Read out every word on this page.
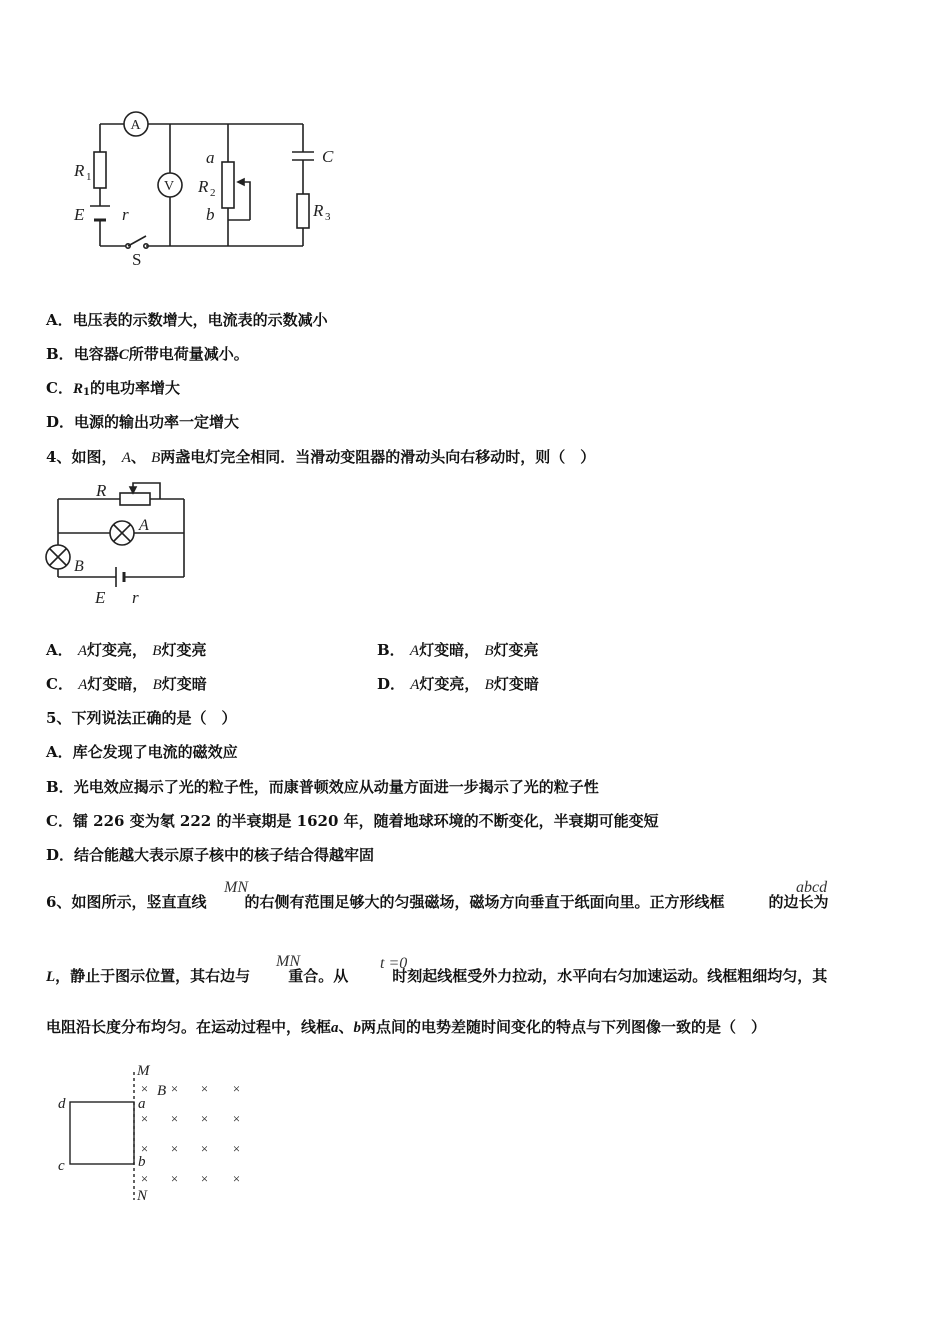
A
V
R 1
E r
S
a
R 2
b
C
R 3
A．电压表的示数增大，电流表的示数减小
B．电容器C所带电荷量减小。
C．$R_1$的电功率增大
D．电源的输出功率一定增大
4、如图， A、 B两盏电灯完全相同．当滑动变阻器的滑动头向右移动时，则（　）
R
A
B
E r
A． A灯变亮， B灯变亮	B． A灯变暗， B灯变亮
C． A灯变暗， B灯变暗	D． A灯变亮， B灯变暗
5、下列说法正确的是（　）
A．库仑发现了电流的磁效应
B．光电效应揭示了光的粒子性，而康普顿效应从动量方面进一步揭示了光的粒子性
C．镭 226 变为氡 222 的半衰期是 1620 年，随着地球环境的不断变化，半衰期可能变短
D．结合能越大表示原子核中的核子结合得越牢固
6、如图所示，竖直直线	的右侧有范围足够大的匀强磁场，磁场方向垂直于纸面向里。正方形线框	的边长为
MN	abcd
L，静止于图示位置，其右边与	重合。从	时刻起线框受外力拉动，水平向右匀加速运动。线框粗细均匀，其
MN	t =0
电阻沿长度分布均匀。在运动过程中，线框a、b两点间的电势差随时间变化的特点与下列图像一致的是（　）
M
N
a
b
d
c
B
× × × ×
× × × ×
× × × ×
× × × ×
